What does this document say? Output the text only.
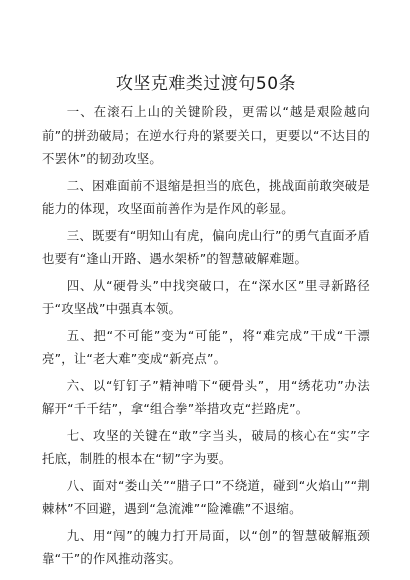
攻坚克难类过渡句50条

一、在滚石上山的关键阶段，更需以“越是艰险越向前”的拼劲破局；在逆水行舟的紧要关口，更要以“不达目的不罢休”的韧劲攻坚。

二、困难面前不退缩是担当的底色，挑战面前敢突破是能力的体现，攻坚面前善作为是作风的彰显。

三、既要有“明知山有虎，偏向虎山行”的勇气直面矛盾也要有“逢山开路、遇水架桥”的智慧破解难题。

四、从“硬骨头”中找突破口，在“深水区”里寻新路径于“攻坚战”中强真本领。

五、把“不可能”变为“可能”，将“难完成”干成“干漂亮”，让“老大难”变成“新亮点”。

六、以“钉钉子”精神啃下“硬骨头”，用“绣花功”办法解开“千千结”，拿“组合拳”举措攻克“拦路虎”。

七、攻坚的关键在“敢”字当头，破局的核心在“实”字托底，制胜的根本在“韧”字为要。

八、面对“娄山关”“腊子口”不绕道，碰到“火焰山”“荆棘林”不回避，遇到“急流滩”“险滩礁”不退缩。

九、用“闯”的魄力打开局面，以“创”的智慧破解瓶颈靠“干”的作风推动落实。
